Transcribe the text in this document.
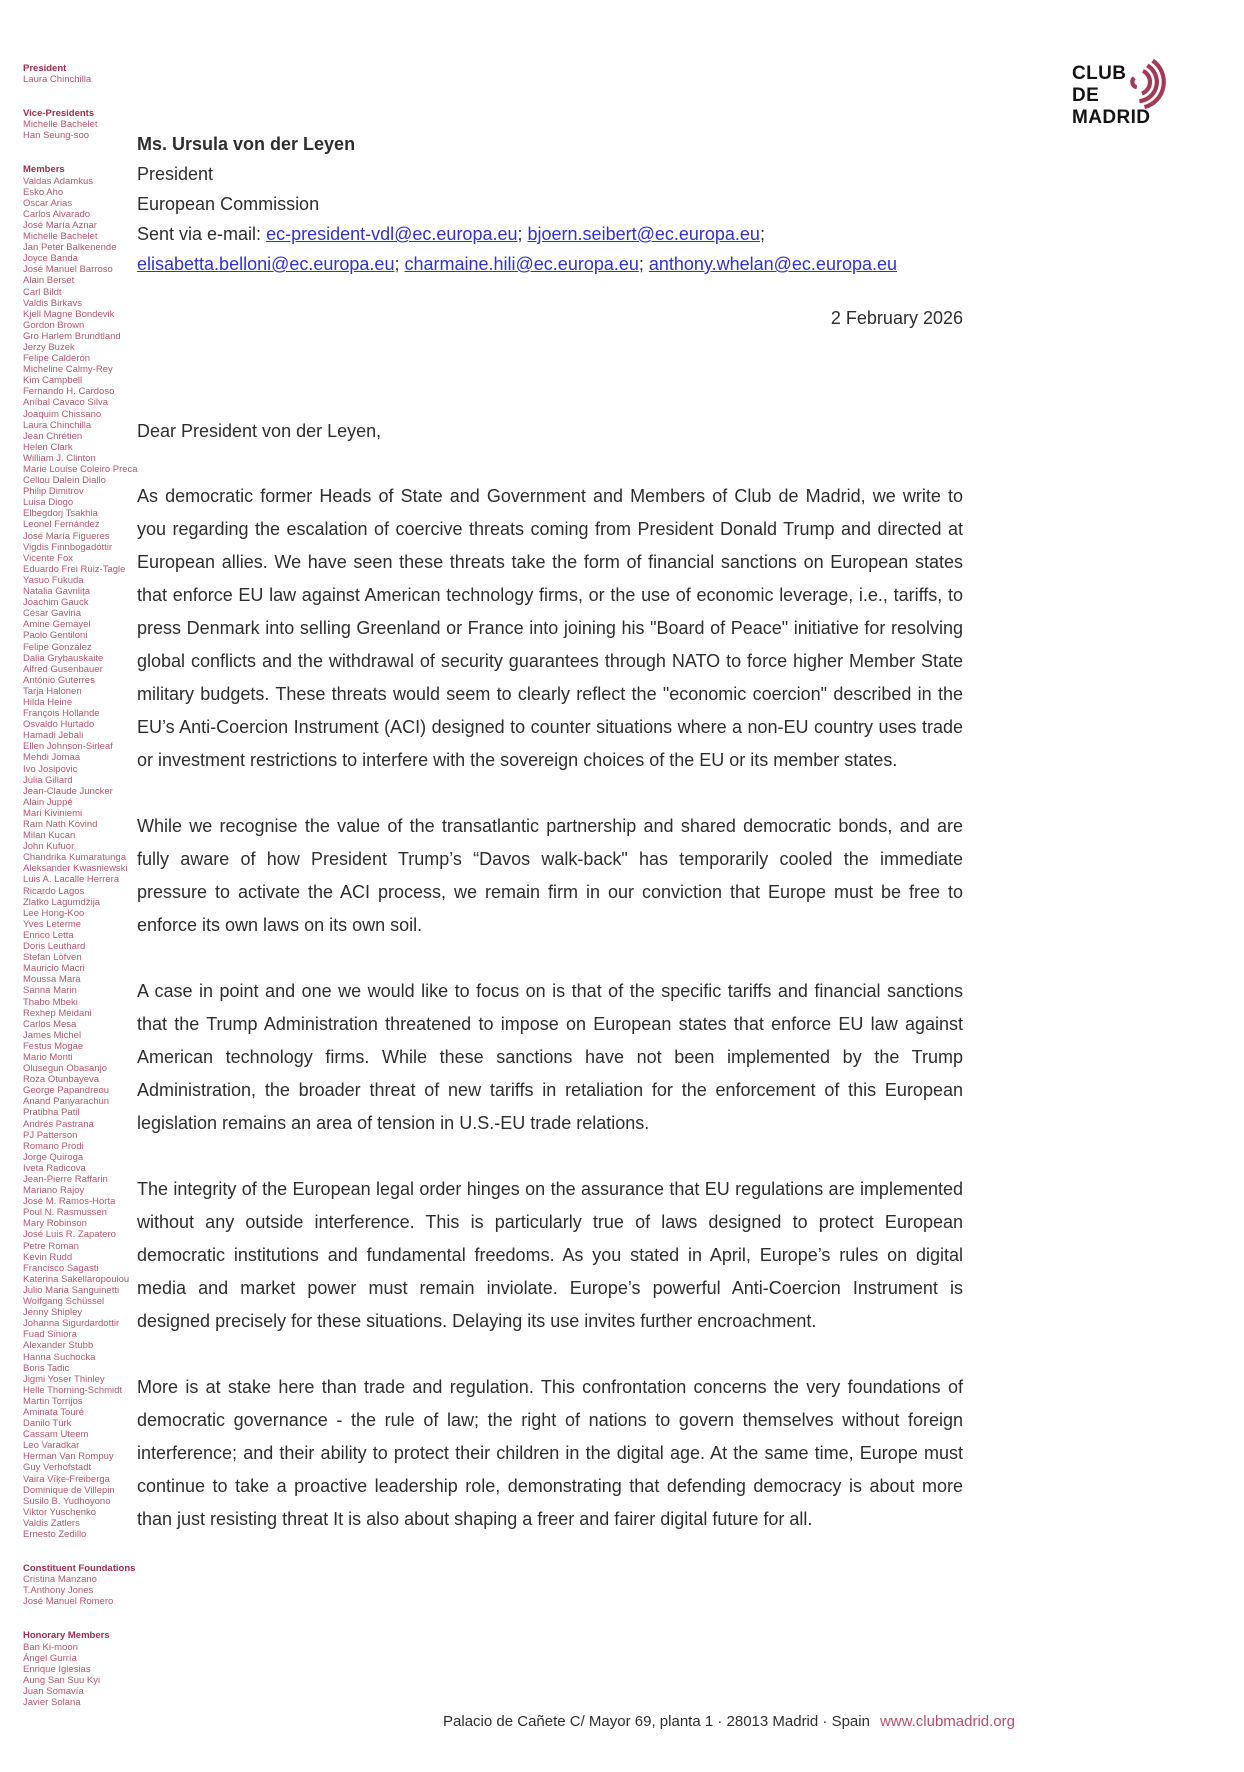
President
Laura Chinchilla
Vice-Presidents
Michelle Bachelet
Han Seung-soo
Members
Valdas Adamkus
Esko Aho
Oscar Arias
Carlos Alvarado
José María Aznar
Michelle Bachelet
Jan Peter Balkenende
Joyce Banda
José Manuel Barroso
Alain Berset
Carl Bildt
Valdis Birkavs
Kjell Magne Bondevik
Gordon Brown
Gro Harlem Brundtland
Jerzy Buzek
Felipe Calderón
Micheline Calmy-Rey
Kim Campbell
Fernando H. Cardoso
Aníbal Cavaco Silva
Joaquim Chissano
Laura Chinchilla
Jean Chrétien
Helen Clark
William J. Clinton
Marie Louise Coleiro Preca
Cellou Dalein Diallo
Philip Dimitrov
Luisa Diogo
Elbegdorj Tsakhia
Leonel Fernández
José María Figueres
Vigdis Finnbogadóttir
Vicente Fox
Eduardo Frei Ruiz-Tagle
Yasuo Fukuda
Natalia Gavrilița
Joachim Gauck
César Gaviria
Amine Gemayel
Paolo Gentiloni
Felipe González
Dalia Grybauskaite
Alfred Gusenbauer
António Guterres
Tarja Halonen
Hilda Heine
François Hollande
Osvaldo Hurtado
Hamadi Jebali
Ellen Johnson-Sirleaf
Mehdi Jomaa
Ivo Josipovic
Julia Gillard
Jean-Claude Juncker
Alain Juppé
Mari Kiviniemi
Ram Nath Kovind
Milan Kucan
John Kufuor
Chandrika Kumaratunga
Aleksander Kwasniewski
Luis A. Lacalle Herrera
Ricardo Lagos
Zlatko Lagumdžija
Lee Hong-Koo
Yves Leterme
Enrico Letta
Doris Leuthard
Stefan Löfven
Mauricio Macri
Moussa Mara
Sanna Marin
Thabo Mbeki
Rexhep Meidani
Carlos Mesa
James Michel
Festus Mogae
Mario Monti
Olusegun Obasanjo
Roza Otunbayeva
George Papandreou
Anand Panyarachun
Pratibha Patil
Andrés Pastrana
PJ Patterson
Romano Prodi
Jorge Quiroga
Iveta Radicova
Jean-Pierre Raffarin
Mariano Rajoy
José M. Ramos-Horta
Poul N. Rasmussen
Mary Robinson
José Luis R. Zapatero
Petre Roman
Kevin Rudd
Francisco Sagasti
Katerina Sakellaropoulou
Julio Maria Sanguinetti
Wolfgang Schüssel
Jenny Shipley
Johanna Sigurdardottir
Fuad Siniora
Alexander Stubb
Hanna Suchocka
Boris Tadic
Jigmi Yoser Thinley
Helle Thorning-Schmidt
Martin Torrijos
Aminata Touré
Danilo Türk
Cassam Uteem
Leo Varadkar
Herman Van Rompuy
Guy Verhofstadt
Vaira Vīķe-Freiberga
Dominique de Villepin
Susilo B. Yudhoyono
Viktor Yuschenko
Valdis Zatlers
Ernesto Zedillo
Constituent Foundations
Cristina Manzano
T.Anthony Jones
José Manuel Romero
Honorary Members
Ban Ki-moon
Ángel Gurría
Enrique Iglesias
Aung San Suu Kyi
Juan Somavía
Javier Solana
CLUB
DE
MADRID

Ms. Ursula von der Leyen

President

European Commission

Sent via e-mail: ec-president-vdl@ec.europa.eu; bjoern.seibert@ec.europa.eu;

elisabetta.belloni@ec.europa.eu; charmaine.hili@ec.europa.eu; anthony.whelan@ec.europa.eu

2 February 2026
Dear President von der Leyen,

As democratic former Heads of State and Government and Members of Club de Madrid, we write to you regarding the escalation of coercive threats coming from President Donald Trump and directed at European allies. We have seen these threats take the form of financial sanctions on European states that enforce EU law against American technology firms, or the use of economic leverage, i.e., tariffs, to press Denmark into selling Greenland or France into joining his "Board of Peace" initiative for resolving global conflicts and the withdrawal of security guarantees through NATO to force higher Member State military budgets. These threats would seem to clearly reflect the "economic coercion" described in the EU’s Anti-Coercion Instrument (ACI) designed to counter situations where a non-EU country uses trade or investment restrictions to interfere with the sovereign choices of the EU or its member states.

While we recognise the value of the transatlantic partnership and shared democratic bonds, and are fully aware of how President Trump’s “Davos walk-back" has temporarily cooled the immediate pressure to activate the ACI process, we remain firm in our conviction that Europe must be free to enforce its own laws on its own soil.

A case in point and one we would like to focus on is that of the specific tariffs and financial sanctions that the Trump Administration threatened to impose on European states that enforce EU law against American technology firms. While these sanctions have not been implemented by the Trump Administration, the broader threat of new tariffs in retaliation for the enforcement of this European legislation remains an area of tension in U.S.-EU trade relations.

The integrity of the European legal order hinges on the assurance that EU regulations are implemented without any outside interference. This is particularly true of laws designed to protect European democratic institutions and fundamental freedoms. As you stated in April, Europe’s rules on digital media and market power must remain inviolate. Europe’s powerful Anti-Coercion Instrument is designed precisely for these situations. Delaying its use invites further encroachment.

More is at stake here than trade and regulation. This confrontation concerns the very foundations of democratic governance - the rule of law; the right of nations to govern themselves without foreign interference; and their ability to protect their children in the digital age. At the same time, Europe must continue to take a proactive leadership role, demonstrating that defending democracy is about more than just resisting threat It is also about shaping a freer and fairer digital future for all.

Palacio de Cañete C/ Mayor 69, planta 1 · 28013 Madrid · Spain www.clubmadrid.org
